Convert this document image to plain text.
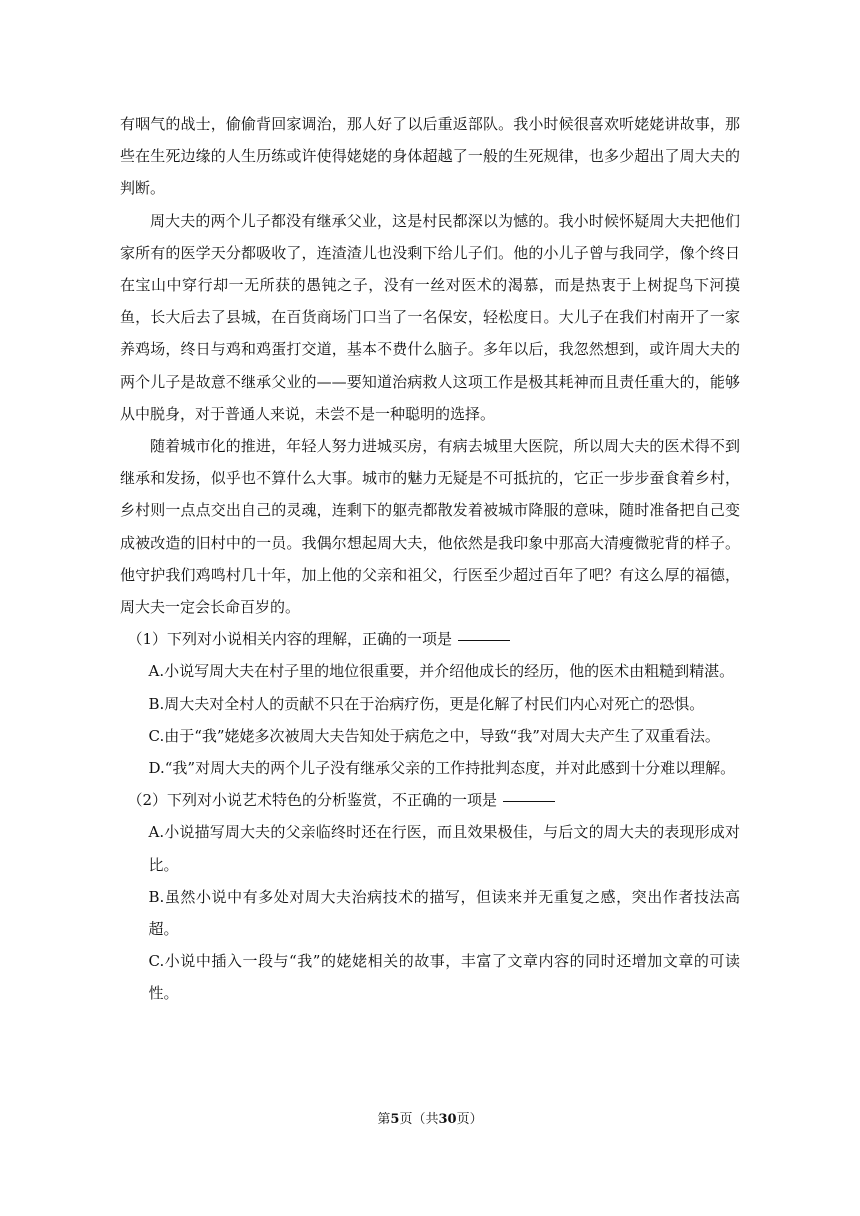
有咽气的战士，偷偷背回家调治，那人好了以后重返部队。我小时候很喜欢听姥姥讲故事，那些在生死边缘的人生历练或许使得姥姥的身体超越了一般的生死规律，也多少超出了周大夫的判断。

周大夫的两个儿子都没有继承父业，这是村民都深以为憾的。我小时候怀疑周大夫把他们家所有的医学天分都吸收了，连渣渣儿也没剩下给儿子们。他的小儿子曾与我同学，像个终日在宝山中穿行却一无所获的愚钝之子，没有一丝对医术的渴慕，而是热衷于上树捉鸟下河摸鱼，长大后去了县城，在百货商场门口当了一名保安，轻松度日。大儿子在我们村南开了一家养鸡场，终日与鸡和鸡蛋打交道，基本不费什么脑子。多年以后，我忽然想到，或许周大夫的两个儿子是故意不继承父业的——要知道治病救人这项工作是极其耗神而且责任重大的，能够从中脱身，对于普通人来说，未尝不是一种聪明的选择。

随着城市化的推进，年轻人努力进城买房，有病去城里大医院，所以周大夫的医术得不到继承和发扬，似乎也不算什么大事。城市的魅力无疑是不可抵抗的，它正一步步蚕食着乡村，乡村则一点点交出自己的灵魂，连剩下的躯壳都散发着被城市降服的意味，随时准备把自己变成被改造的旧村中的一员。我偶尔想起周大夫，他依然是我印象中那高大清瘦微驼背的样子。他守护我们鸡鸣村几十年，加上他的父亲和祖父，行医至少超过百年了吧？有这么厚的福德，周大夫一定会长命百岁的。

（1）下列对小说相关内容的理解，正确的一项是

A.小说写周大夫在村子里的地位很重要，并介绍他成长的经历，他的医术由粗糙到精湛。

B.周大夫对全村人的贡献不只在于治病疗伤，更是化解了村民们内心对死亡的恐惧。

C.由于“我”姥姥多次被周大夫告知处于病危之中，导致“我”对周大夫产生了双重看法。

D.“我”对周大夫的两个儿子没有继承父亲的工作持批判态度，并对此感到十分难以理解。

（2）下列对小说艺术特色的分析鉴赏，不正确的一项是

A.小说描写周大夫的父亲临终时还在行医，而且效果极佳，与后文的周大夫的表现形成对比。

B.虽然小说中有多处对周大夫治病技术的描写，但读来并无重复之感，突出作者技法高超。

C.小说中插入一段与“我”的姥姥相关的故事，丰富了文章内容的同时还增加文章的可读性。

第5页（共30页）
